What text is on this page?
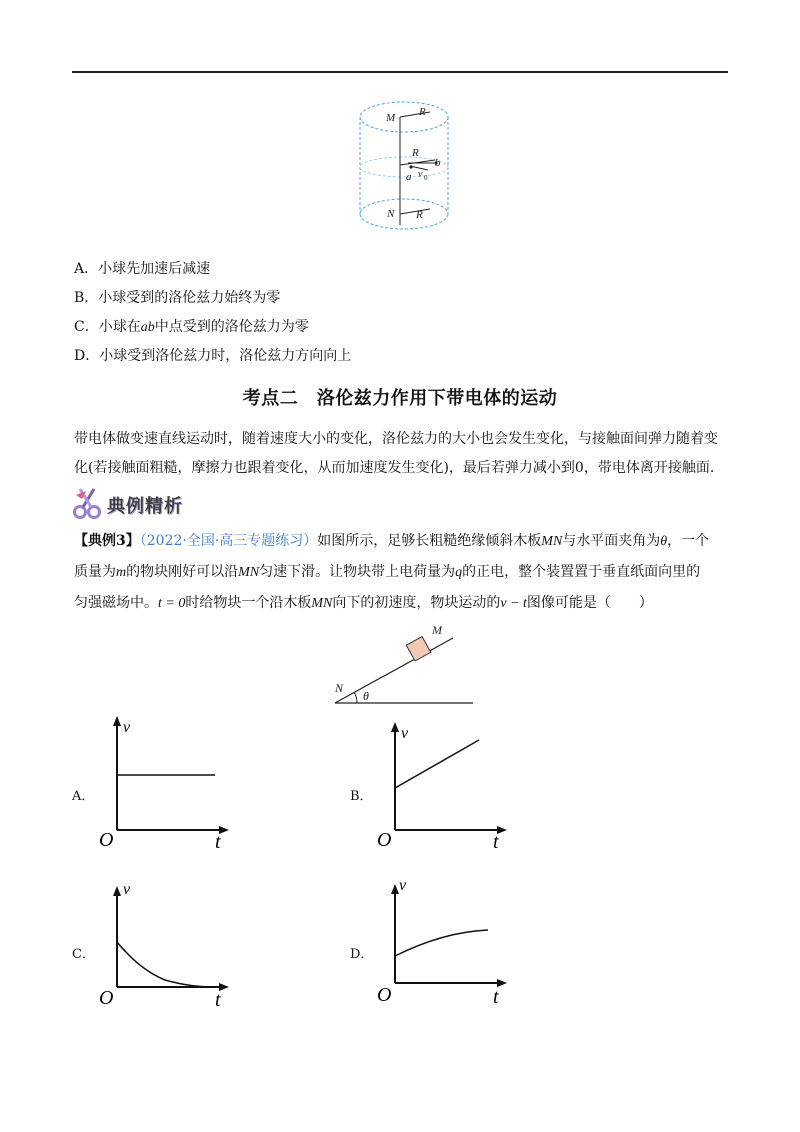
M R
R
b
a v 0
N R
A．小球先加速后减速
B．小球受到的洛伦兹力始终为零
C．小球在ab中点受到的洛伦兹力为零
D．小球受到洛伦兹力时，洛伦兹力方向向上
考点二　洛伦兹力作用下带电体的运动
带电体做变速直线运动时，随着速度大小的变化，洛伦兹力的大小也会发生变化，与接触面间弹力随着变
化(若接触面粗糙，摩擦力也跟着变化，从而加速度发生变化)，最后若弹力减小到0，带电体离开接触面.
典例精析
【典例3】（2022·全国·高三专题练习）如图所示，足够长粗糙绝缘倾斜木板MN与水平面夹角为θ，一个
质量为m的物块刚好可以沿MN匀速下滑。让物块带上电荷量为q的正电，整个装置置于垂直纸面向里的
匀强磁场中。t = 0时给物块一个沿木板MN向下的初速度，物块运动的v − t图像可能是（　　）
M
N
θ
A．
v
O	t
B．
v
O	t
C．
v
O	t
D．
v
O	t
